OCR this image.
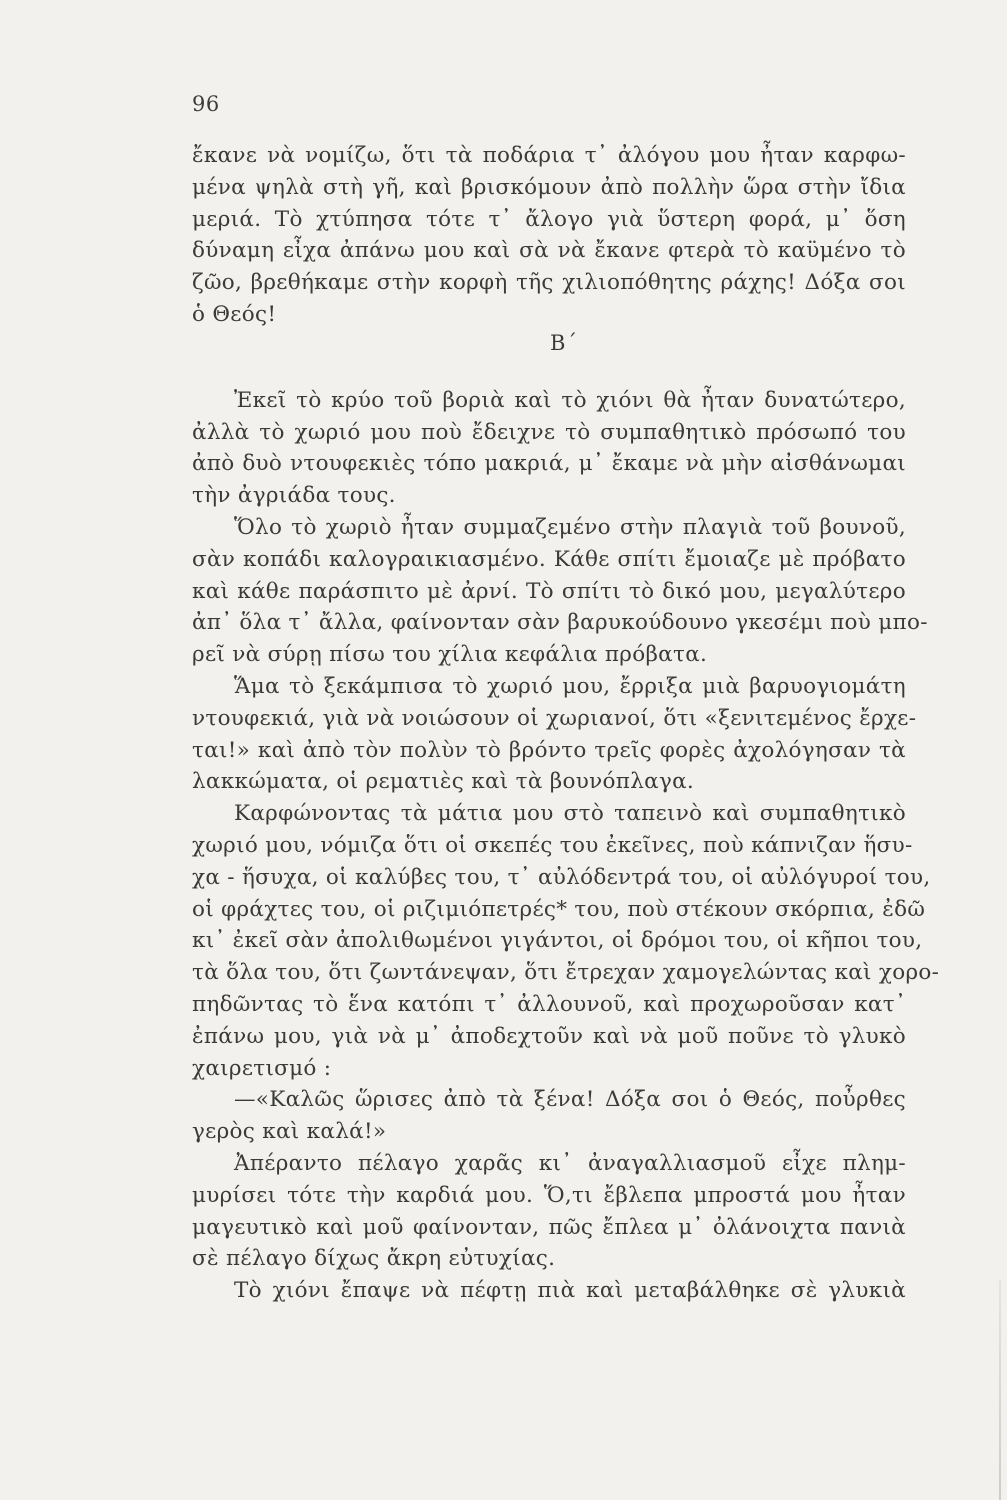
96
ἔκανε νὰ νομίζω, ὅτι τὰ ποδάρια τ᾽ ἀλόγου μου ἦταν καρφω-
μένα ψηλὰ στὴ γῆ, καὶ βρισκόμουν ἀπὸ πολλὴν ὥρα στὴν ἴδια
μεριά. Τὸ χτύπησα τότε τ᾽ ἄλογο γιὰ ὕστερη φορά, μ᾽ ὅση
δύναμη εἶχα ἀπάνω μου καὶ σὰ νὰ ἔκανε φτερὰ τὸ καϋμένο τὸ
ζῶο, βρεθήκαμε στὴν κορφὴ τῆς χιλιοπόθητης ράχης! Δόξα σοι
ὁ Θεός!
Β΄
Ἐκεῖ τὸ κρύο τοῦ βοριὰ καὶ τὸ χιόνι θὰ ἦταν δυνατώτερο,
ἀλλὰ τὸ χωριό μου ποὺ ἔδειχνε τὸ συμπαθητικὸ πρόσωπό του
ἀπὸ δυὸ ντουφεκιὲς τόπο μακριά, μ᾽ ἔκαμε νὰ μὴν αἰσθάνωμαι
τὴν ἀγριάδα τους.
Ὅλο τὸ χωριὸ ἦταν συμμαζεμένο στὴν πλαγιὰ τοῦ βουνοῦ,
σὰν κοπάδι καλογραικιασμένο. Κάθε σπίτι ἔμοιαζε μὲ πρόβατο
καὶ κάθε παράσπιτο μὲ ἀρνί. Τὸ σπίτι τὸ δικό μου, μεγαλύτερο
ἀπ᾽ ὅλα τ᾽ ἄλλα, φαίνονταν σὰν βαρυκούδουνο γκεσέμι ποὺ μπο-
ρεῖ νὰ σύρῃ πίσω του χίλια κεφάλια πρόβατα.
Ἅμα τὸ ξεκάμπισα τὸ χωριό μου, ἔρριξα μιὰ βαρυογιομάτη
ντουφεκιά, γιὰ νὰ νοιώσουν οἱ χωριανοί, ὅτι «ξενιτεμένος ἔρχε-
ται!» καὶ ἀπὸ τὸν πολὺν τὸ βρόντο τρεῖς φορὲς ἀχολόγησαν τὰ
λακκώματα, οἱ ρεματιὲς καὶ τὰ βουνόπλαγα.
Καρφώνοντας τὰ μάτια μου στὸ ταπεινὸ καὶ συμπαθητικὸ
χωριό μου, νόμιζα ὅτι οἱ σκεπές του ἐκεῖνες, ποὺ κάπνιζαν ἥσυ-
χα - ἥσυχα, οἱ καλύβες του, τ᾽ αὐλόδεντρά του, οἱ αὐλόγυροί του,
οἱ φράχτες του, οἱ ριζιμιόπετρές* του, ποὺ στέκουν σκόρπια, ἐδῶ
κι᾽ ἐκεῖ σὰν ἀπολιθωμένοι γιγάντοι, οἱ δρόμοι του, οἱ κῆποι του,
τὰ ὅλα του, ὅτι ζωντάνεψαν, ὅτι ἔτρεχαν χαμογελώντας καὶ χορο-
πηδῶντας τὸ ἕνα κατόπι τ᾽ ἀλλουνοῦ, καὶ προχωροῦσαν κατ᾽
ἐπάνω μου, γιὰ νὰ μ᾽ ἀποδεχτοῦν καὶ νὰ μοῦ ποῦνε τὸ γλυκὸ
χαιρετισμό :
—«Καλῶς ὥρισες ἀπὸ τὰ ξένα! Δόξα σοι ὁ Θεός, ποὖρθες
γερὸς καὶ καλά!»
Ἀπέραντο πέλαγο χαρᾶς κι᾽ ἀναγαλλιασμοῦ εἶχε πλημ-
μυρίσει τότε τὴν καρδιά μου. Ὅ,τι ἔβλεπα μπροστά μου ἦταν
μαγευτικὸ καὶ μοῦ φαίνονταν, πῶς ἔπλεα μ᾽ ὀλάνοιχτα πανιὰ
σὲ πέλαγο δίχως ἄκρη εὐτυχίας.
Τὸ χιόνι ἔπαψε νὰ πέφτῃ πιὰ καὶ μεταβάλθηκε σὲ γλυκιὰ
